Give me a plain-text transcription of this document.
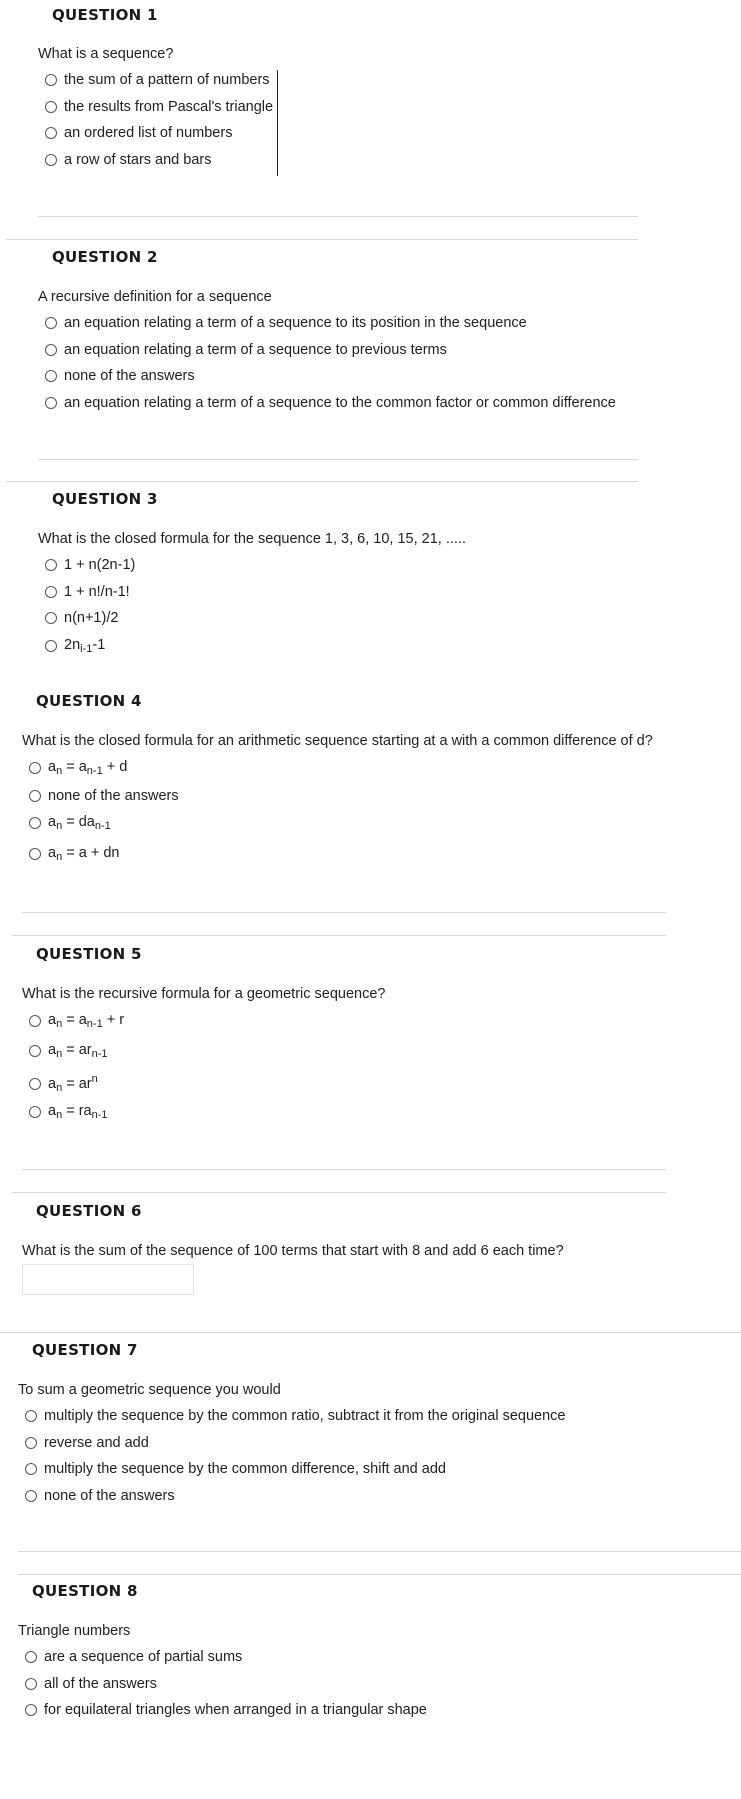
QUESTION 1

What is a sequence?

the sum of a pattern of numbers
the results from Pascal's triangle
an ordered list of numbers
a row of stars and bars
QUESTION 2

A recursive definition for a sequence

an equation relating a term of a sequence to its position in the sequence
an equation relating a term of a sequence to previous terms
none of the answers
an equation relating a term of a sequence to the common factor or common difference
QUESTION 3

What is the closed formula for the sequence 1, 3, 6, 10, 15, 21, .....

1 + n(2n-1)
1 + n!/n-1!
n(n+1)/2
$2n_{i-1}-1$
QUESTION 4

What is the closed formula for an arithmetic sequence starting at a with a common difference of d?

$a_n = a_{n-1} + d$
none of the answers
$a_n = da_{n-1}$
$a_n = a$ + dn
QUESTION 5

What is the recursive formula for a geometric sequence?

$a_n = a_{n-1} + r$
$a_n = ar_{n-1}$
$a_n = ar^n$
$a_n = ra_{n-1}$
QUESTION 6

What is the sum of the sequence of 100 terms that start with 8 and add 6 each time?

QUESTION 7

To sum a geometric sequence you would

multiply the sequence by the common ratio, subtract it from the original sequence
reverse and add
multiply the sequence by the common difference, shift and add
none of the answers
QUESTION 8

Triangle numbers

are a sequence of partial sums
all of the answers
for equilateral triangles when arranged in a triangular shape
